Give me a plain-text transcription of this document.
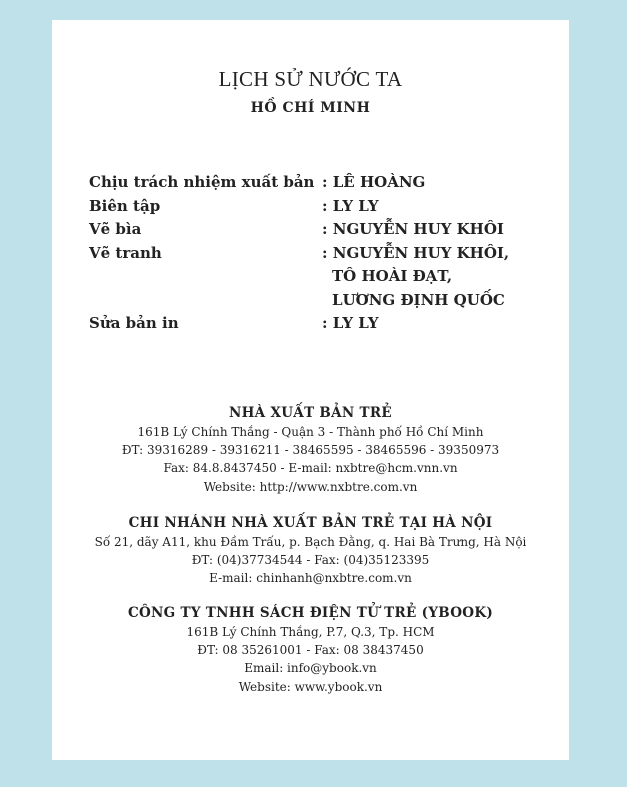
LỊCH SỬ NƯỚC TA
HỒ CHÍ MINH
Chịu trách nhiệm xuất bản : LÊ HOÀNG
Biên tập	: LY LY
Vẽ bìa	: NGUYỄN HUY KHÔI
Vẽ tranh	: NGUYỄN HUY KHÔI,
TÔ HOÀI ĐẠT,
LƯƠNG ĐỊNH QUỐC
Sửa bản in	: LY LY
NHÀ XUẤT BẢN TRẺ
161B Lý Chính Thắng - Quận 3 - Thành phố Hồ Chí Minh
ĐT: 39316289 - 39316211 - 38465595 - 38465596 - 39350973
Fax: 84.8.8437450 - E-mail: nxbtre@hcm.vnn.vn
Website: http://www.nxbtre.com.vn
CHI NHÁNH NHÀ XUẤT BẢN TRẺ TẠI HÀ NỘI
Số 21, dãy A11, khu Đầm Trấu, p. Bạch Đằng, q. Hai Bà Trưng, Hà Nội
ĐT: (04)37734544 - Fax: (04)35123395
E-mail: chinhanh@nxbtre.com.vn
CÔNG TY TNHH SÁCH ĐIỆN TỬ TRẺ (YBOOK)
161B Lý Chính Thắng, P.7, Q.3, Tp. HCM
ĐT: 08 35261001 - Fax: 08 38437450
Email: info@ybook.vn
Website: www.ybook.vn
